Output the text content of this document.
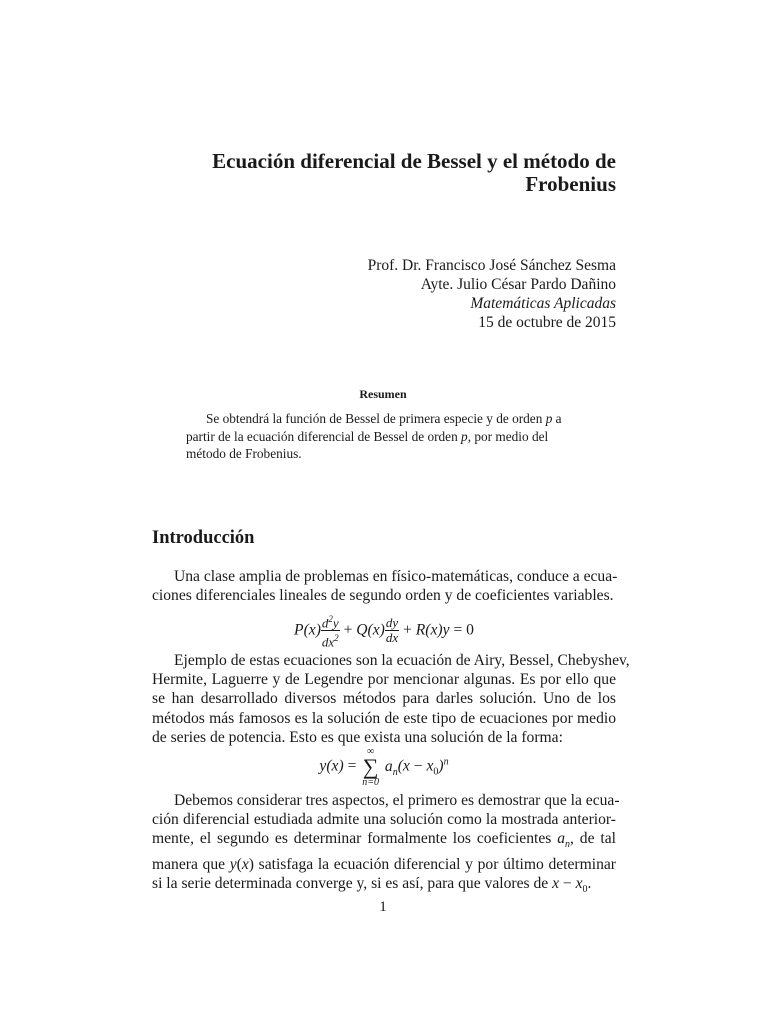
Ecuación diferencial de Bessel y el método de
Frobenius
Prof. Dr. Francisco José Sánchez Sesma
Ayte. Julio César Pardo Dañino
Matemáticas Aplicadas
15 de octubre de 2015
Resumen
Se obtendrá la función de Bessel de primera especie y de orden p a
partir de la ecuación diferencial de Bessel de orden p, por medio del
método de Frobenius.
Introducción
Una clase amplia de problemas en físico-matemáticas, conduce a ecua-
ciones diferenciales lineales de segundo orden y de coeficientes variables.
$P(x) \frac{d^2y}{dx^2} + Q(x) \frac{dy}{dx} + R(x)y = 0$
Ejemplo de estas ecuaciones son la ecuación de Airy, Bessel, Chebyshev,
Hermite, Laguerre y de Legendre por mencionar algunas. Es por ello que
se han desarrollado diversos métodos para darles solución. Uno de los
métodos más famosos es la solución de este tipo de ecuaciones por medio
de series de potencia. Esto es que exista una solución de la forma:
y(x) =
∞
∑
n=0
$a_n(x - x_0)^n$
Debemos considerar tres aspectos, el primero es demostrar que la ecua-
ción diferencial estudiada admite una solución como la mostrada anterior-
mente, el segundo es determinar formalmente los coeficientes $a_n$, de tal
manera que y(x) satisfaga la ecuación diferencial y por último determinar
si la serie determinada converge y, si es así, para que valores de $x - x_0$.
1
